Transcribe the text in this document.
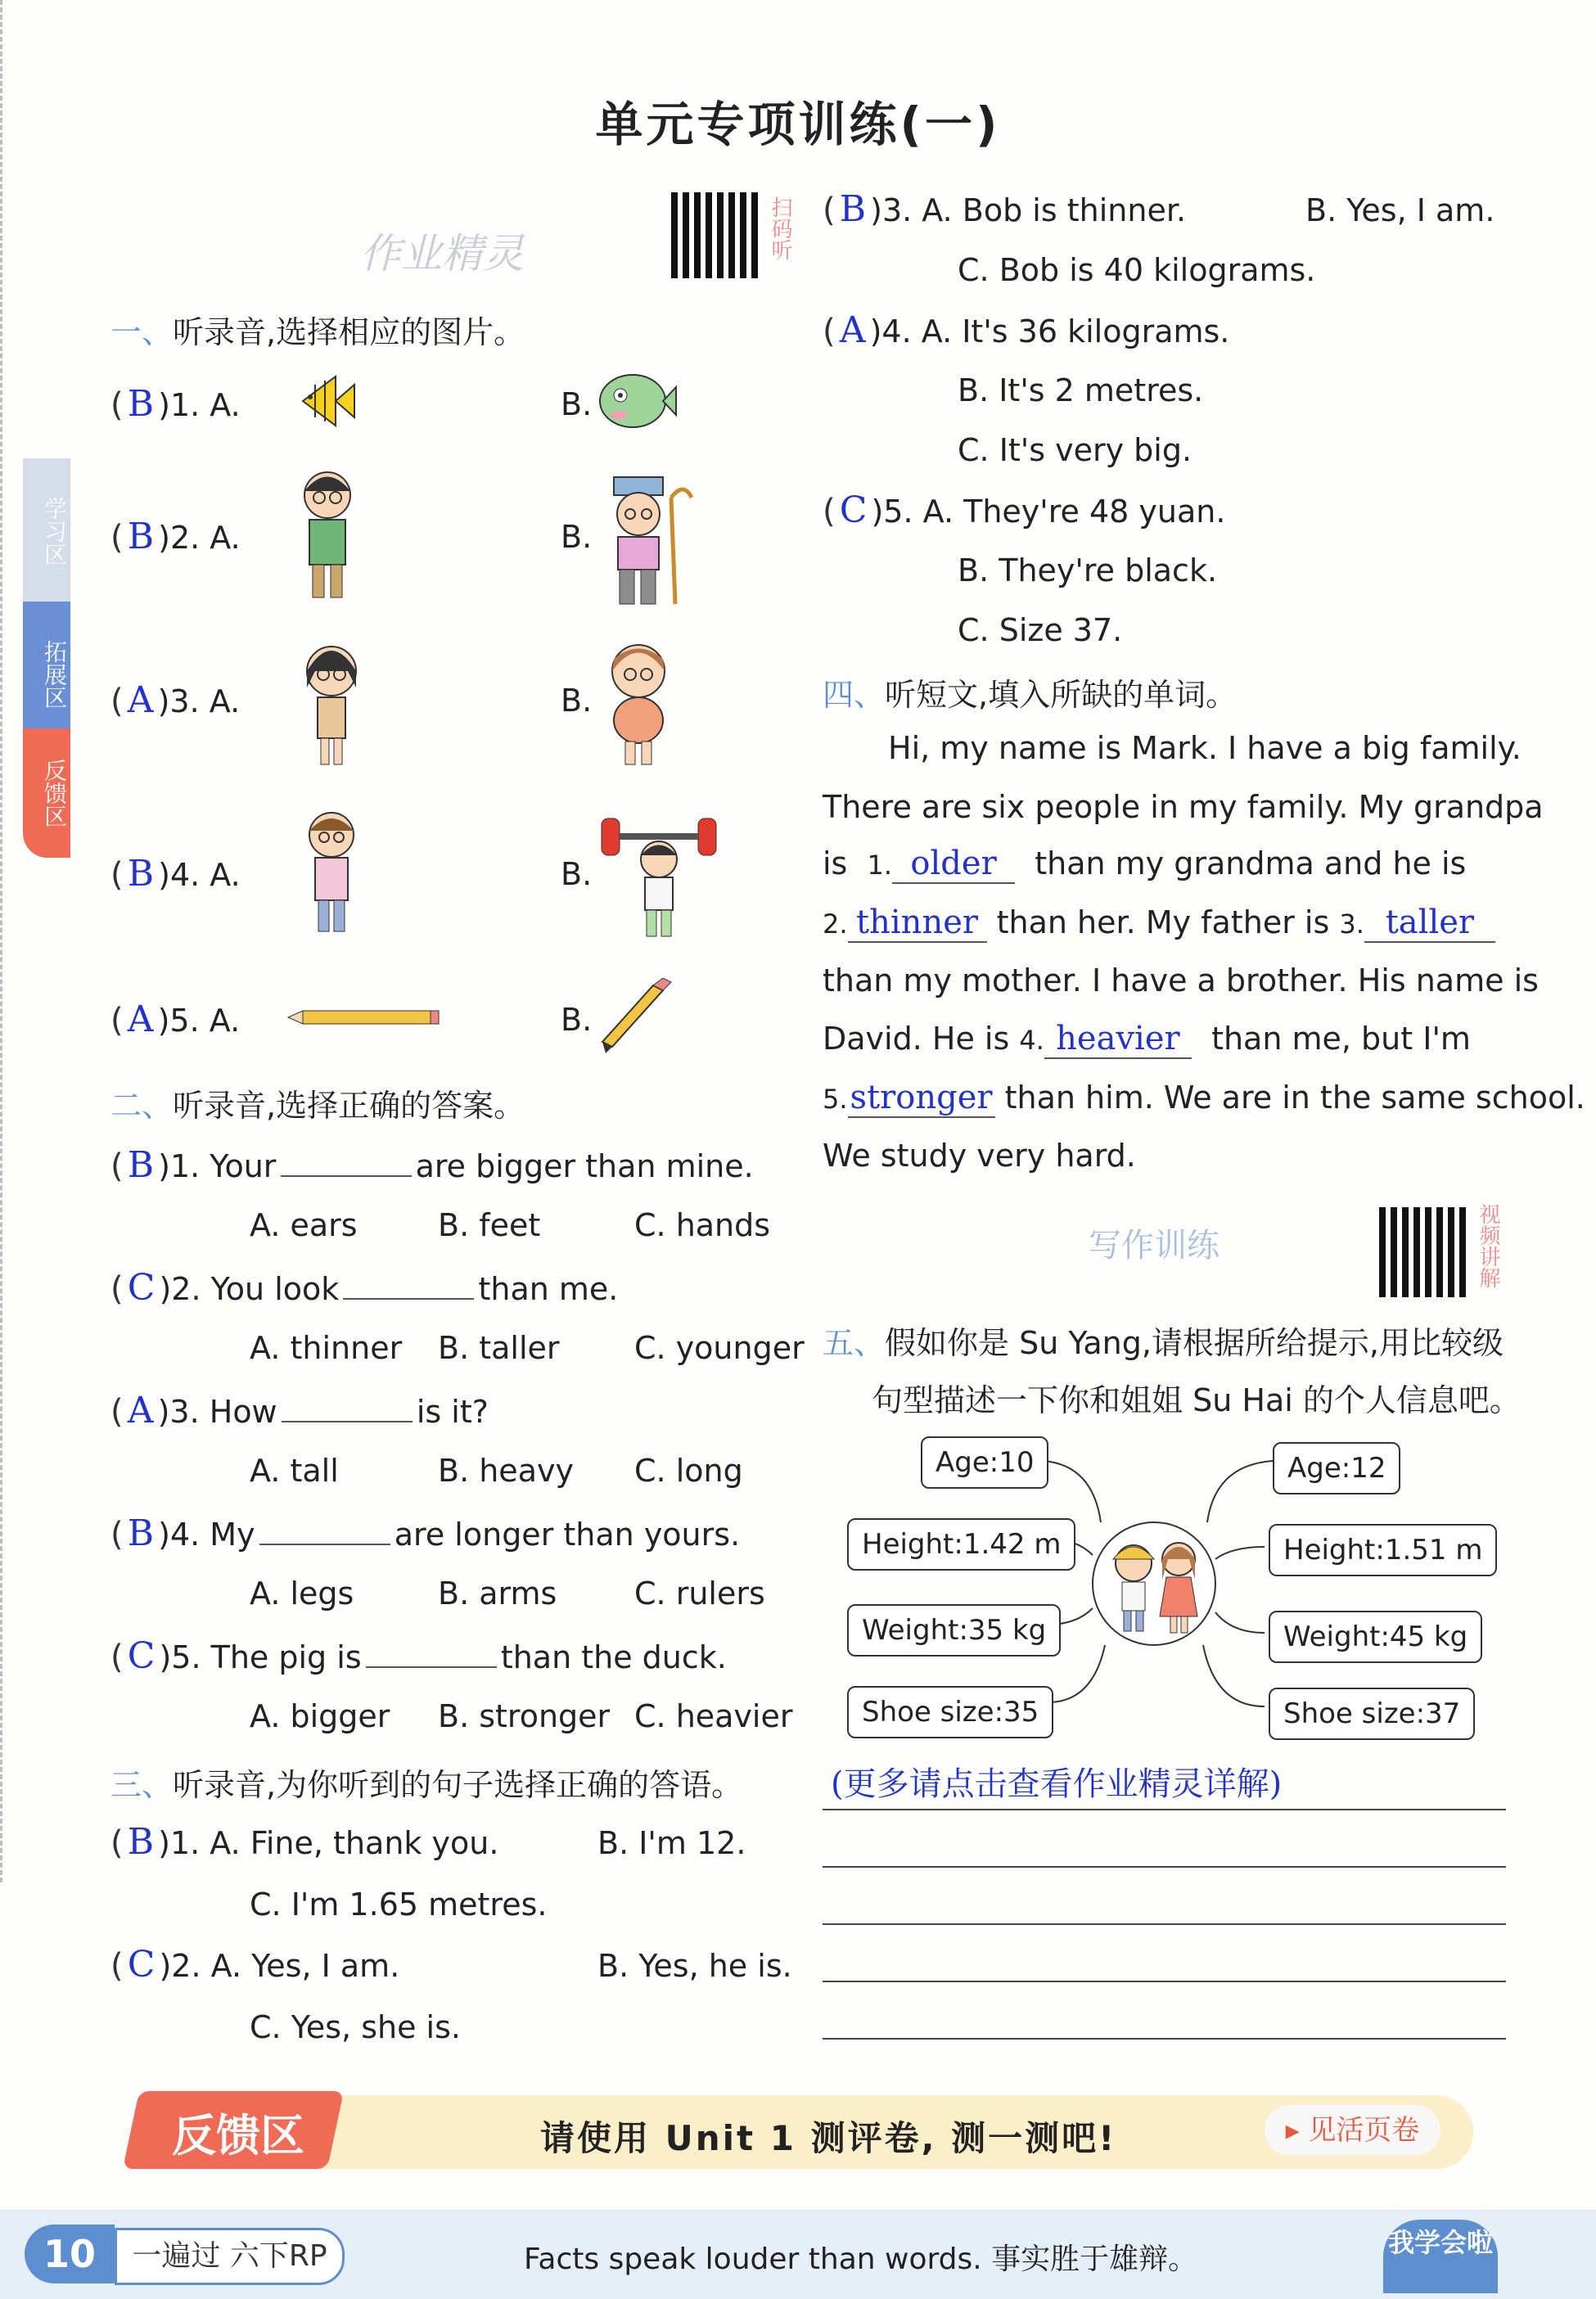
单元专项训练(一)
学习区
拓展区
反馈区
作业精灵	扫码听
一、听录音,选择相应的图片。
( B )1. A.	B.
( B )2. A.	B.
( A )3. A.	B.
( B )4. A.	B.
( A )5. A.	B.
二、听录音,选择正确的答案。
( B )1. Your	are bigger than mine.
A. ears	B. feet	C. hands
( C )2. You look	than me.
A. thinner B. taller C. younger
( A )3. How	is it?
A. tall	B. heavy C. long
( B )4. My	are longer than yours.
A. legs	B. arms C. rulers
( C )5. The pig is	than the duck.
A. bigger B. stronger C. heavier
三、听录音,为你听到的句子选择正确的答语。
( B )1. A. Fine, thank you.	B. I'm 12.
C. I'm 1.65 metres.
( C )2. A. Yes, I am.	B. Yes, he is.
C. Yes, she is.
( B )3. A. Bob is thinner.	B. Yes, I am.
C. Bob is 40 kilograms.
( A )4. A. It's 36 kilograms.
B. It's 2 metres.
C. It's very big.
( C )5. A. They're 48 yuan.
B. They're black.
C. Size 37.
四、听短文,填入所缺的单词。
Hi, my name is Mark. I have a big family.
There are six people in my family. My grandpa
is 1. older than my grandma and he is
2. thinner than her. My father is 3. taller
than my mother. I have a brother. His name is
David. He is 4. heavier than me, but I'm
5.stronger than him. We are in the same school.
We study very hard.
写作训练	视频讲解
五、假如你是 Su Yang,请根据所给提示,用比较级
句型描述一下你和姐姐 Su Hai 的个人信息吧。
Age:10
Height:1.42 m
Weight:35 kg
Shoe size:35
Age:12
Height:1.51 m
Weight:45 kg
Shoe size:37
(更多请点击查看作业精灵详解)
反馈区	请使用 Unit 1 测评卷, 测一测吧!	▸ 见活页卷
10	一遍过 六下RP	Facts speak louder than words. 事实胜于雄辩。	我学会啦
